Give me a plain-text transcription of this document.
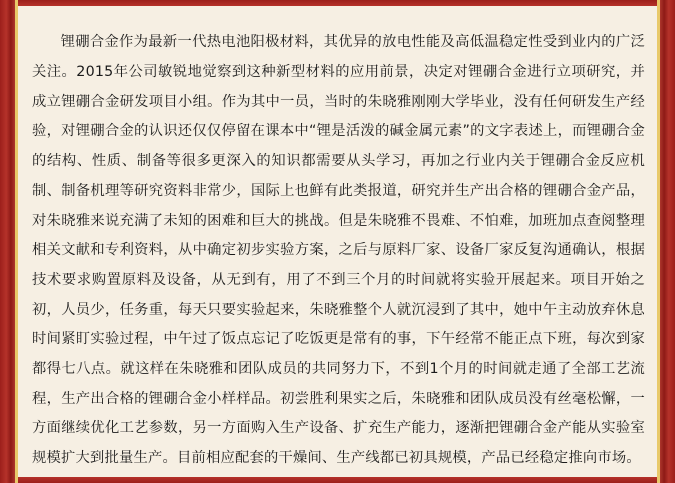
锂硼合金作为最新一代热电池阳极材料，其优异的放电性能及高低温稳定性受到业内的广泛关注。2015年公司敏锐地觉察到这种新型材料的应用前景，决定对锂硼合金进行立项研究，并成立锂硼合金研发项目小组。作为其中一员，当时的朱晓雅刚刚大学毕业，没有任何研发生产经验，对锂硼合金的认识还仅仅停留在课本中“锂是活泼的碱金属元素”的文字表述上，而锂硼合金的结构、性质、制备等很多更深入的知识都需要从头学习，再加之行业内关于锂硼合金反应机制、制备机理等研究资料非常少，国际上也鲜有此类报道，研究并生产出合格的锂硼合金产品，对朱晓雅来说充满了未知的困难和巨大的挑战。但是朱晓雅不畏难、不怕难，加班加点查阅整理相关文献和专利资料，从中确定初步实验方案，之后与原料厂家、设备厂家反复沟通确认，根据技术要求购置原料及设备，从无到有，用了不到三个月的时间就将实验开展起来。项目开始之初，人员少，任务重，每天只要实验起来，朱晓雅整个人就沉浸到了其中，她中午主动放弃休息时间紧盯实验过程，中午过了饭点忘记了吃饭更是常有的事，下午经常不能正点下班，每次到家都得七八点。就这样在朱晓雅和团队成员的共同努力下，不到1个月的时间就走通了全部工艺流程，生产出合格的锂硼合金小样样品。初尝胜利果实之后，朱晓雅和团队成员没有丝毫松懈，一方面继续优化工艺参数，另一方面购入生产设备、扩充生产能力，逐渐把锂硼合金产能从实验室规模扩大到批量生产。目前相应配套的干燥间、生产线都已初具规模，产品已经稳定推向市场。
